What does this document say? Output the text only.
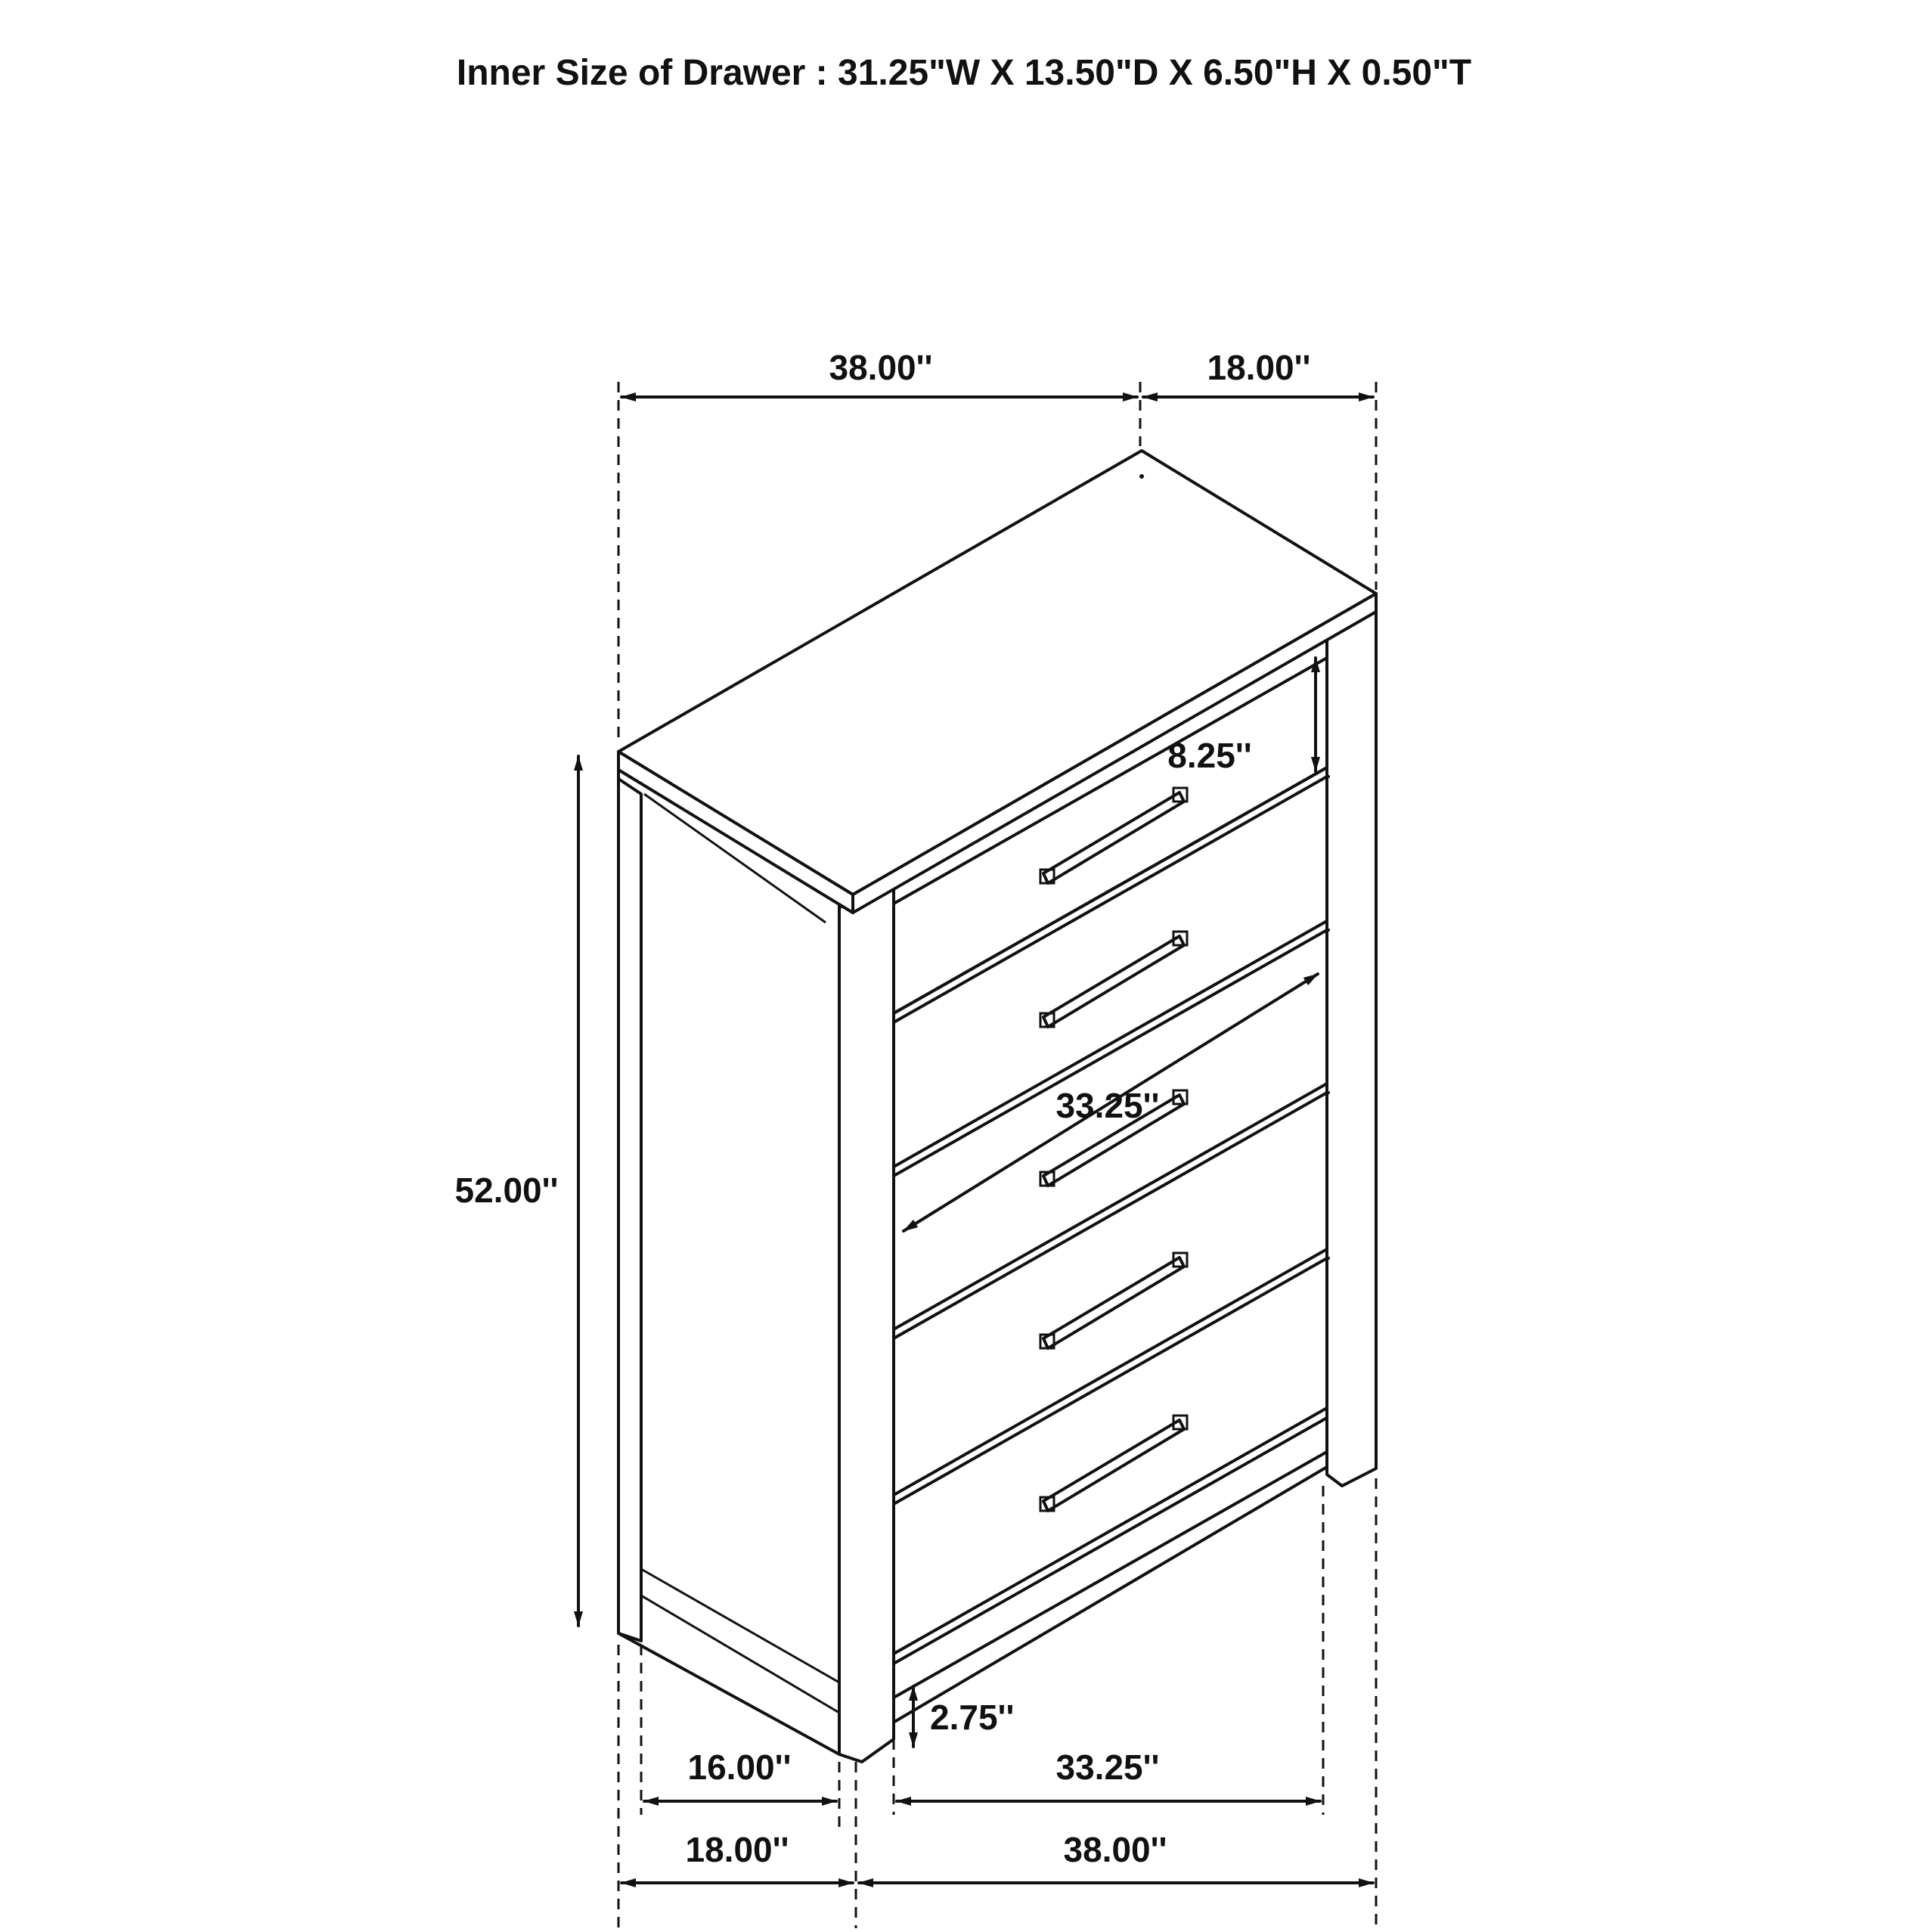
Inner Size of Drawer : 31.25"W X 13.50"D X 6.50"H X 0.50"T
38.00''	18.00''
52.00''
8.25''
33.25''
2.75''
16.00''	33.25''
18.00''	38.00''
